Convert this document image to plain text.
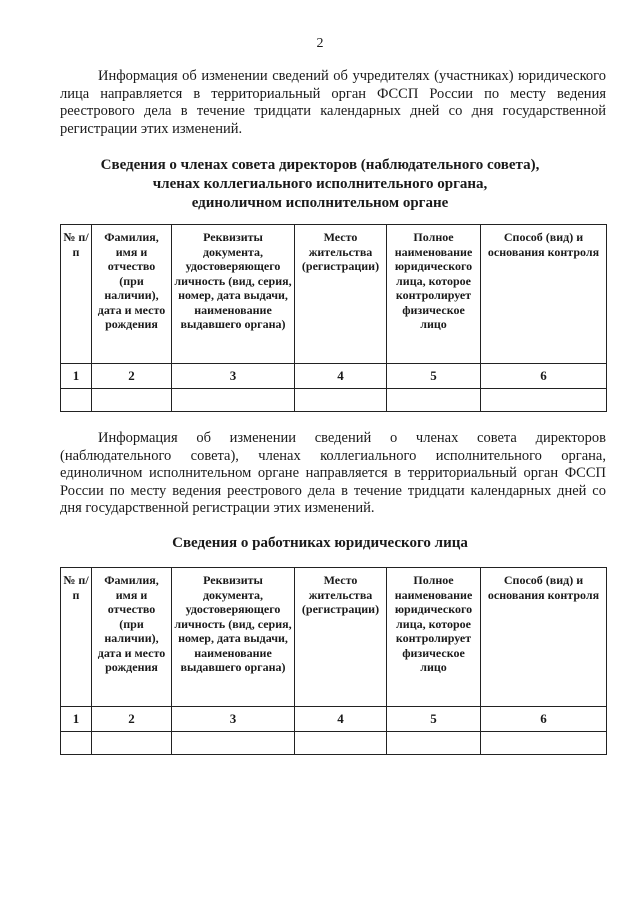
2

Информация об изменении сведений об учредителях (участниках) юридического лица направляется в территориальный орган ФССП России по месту ведения реестрового дела в течение тридцати календарных дней со дня государственной регистрации этих изменений.

Сведения о членах совета директоров (наблюдательного совета),
членах коллегиального исполнительного органа,
единоличном исполнительном органе
№ п/п	Фамилия, имя и отчество (при наличии), дата и место рождения	Реквизиты документа, удостоверяющего личность (вид, серия, номер, дата выдачи, наименование выдавшего органа)	Место жительства (регистрации)	Полное наименование юридического лица, которое контролирует физическое лицо	Способ (вид) и основания контроля
1	2	3	4	5	6

Информация об изменении сведений о членах совета директоров (наблюдательного совета), членах коллегиального исполнительного органа, единоличном исполнительном органе направляется в территориальный орган ФССП России по месту ведения реестрового дела в течение тридцати календарных дней со дня государственной регистрации этих изменений.

Сведения о работниках юридического лица
№ п/п	Фамилия, имя и отчество (при наличии), дата и место рождения	Реквизиты документа, удостоверяющего личность (вид, серия, номер, дата выдачи, наименование выдавшего органа)	Место жительства (регистрации)	Полное наименование юридического лица, которое контролирует физическое лицо	Способ (вид) и основания контроля
1	2	3	4	5	6
